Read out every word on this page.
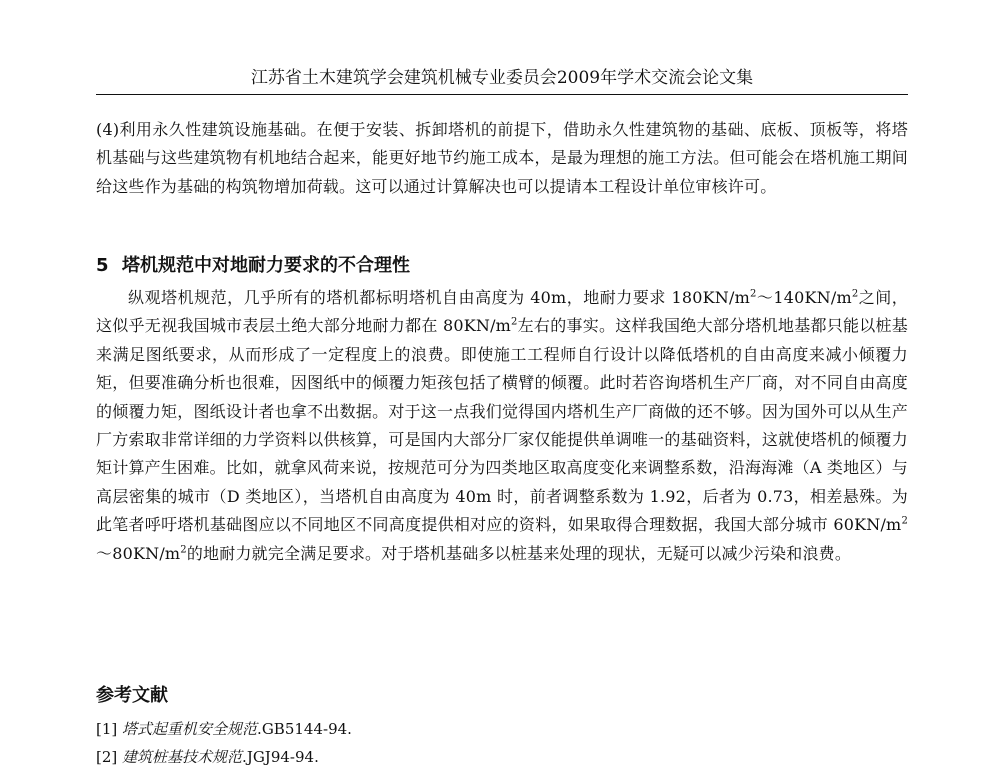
江苏省土木建筑学会建筑机械专业委员会2009年学术交流会论文集
(4)利用永久性建筑设施基础。在便于安装、拆卸塔机的前提下，借助永久性建筑物的基础、底板、顶板等，将塔机基础与这些建筑物有机地结合起来，能更好地节约施工成本，是最为理想的施工方法。但可能会在塔机施工期间给这些作为基础的构筑物增加荷载。这可以通过计算解决也可以提请本工程设计单位审核许可。
5 塔机规范中对地耐力要求的不合理性
纵观塔机规范，几乎所有的塔机都标明塔机自由高度为 40m，地耐力要求 $180KN/m^2\sim 140KN/m^2$之间，这似乎无视我国城市表层土绝大部分地耐力都在 $80KN/m^2$左右的事实。这样我国绝大部分塔机地基都只能以桩基来满足图纸要求，从而形成了一定程度上的浪费。即使施工工程师自行设计以降低塔机的自由高度来减小倾覆力矩，但要准确分析也很难，因图纸中的倾覆力矩孩包括了横臂的倾覆。此时若咨询塔机生产厂商，对不同自由高度的倾覆力矩，图纸设计者也拿不出数据。对于这一点我们觉得国内塔机生产厂商做的还不够。因为国外可以从生产厂方索取非常详细的力学资料以供核算，可是国内大部分厂家仅能提供单调唯一的基础资料，这就使塔机的倾覆力矩计算产生困难。比如，就拿风荷来说，按规范可分为四类地区取高度变化来调整系数，沿海海滩（A 类地区）与高层密集的城市（D 类地区），当塔机自由高度为 40m 时，前者调整系数为 1.92，后者为 0.73，相差悬殊。为此笔者呼吁塔机基础图应以不同地区不同高度提供相对应的资料，如果取得合理数据，我国大部分城市 $60KN/m^2\sim 80KN/m^2$的地耐力就完全满足要求。对于塔机基础多以桩基来处理的现状，无疑可以减少污染和浪费。
参考文献
[1] 塔式起重机安全规范.GB5144-94.
[2] 建筑桩基技术规范.JGJ94-94.
